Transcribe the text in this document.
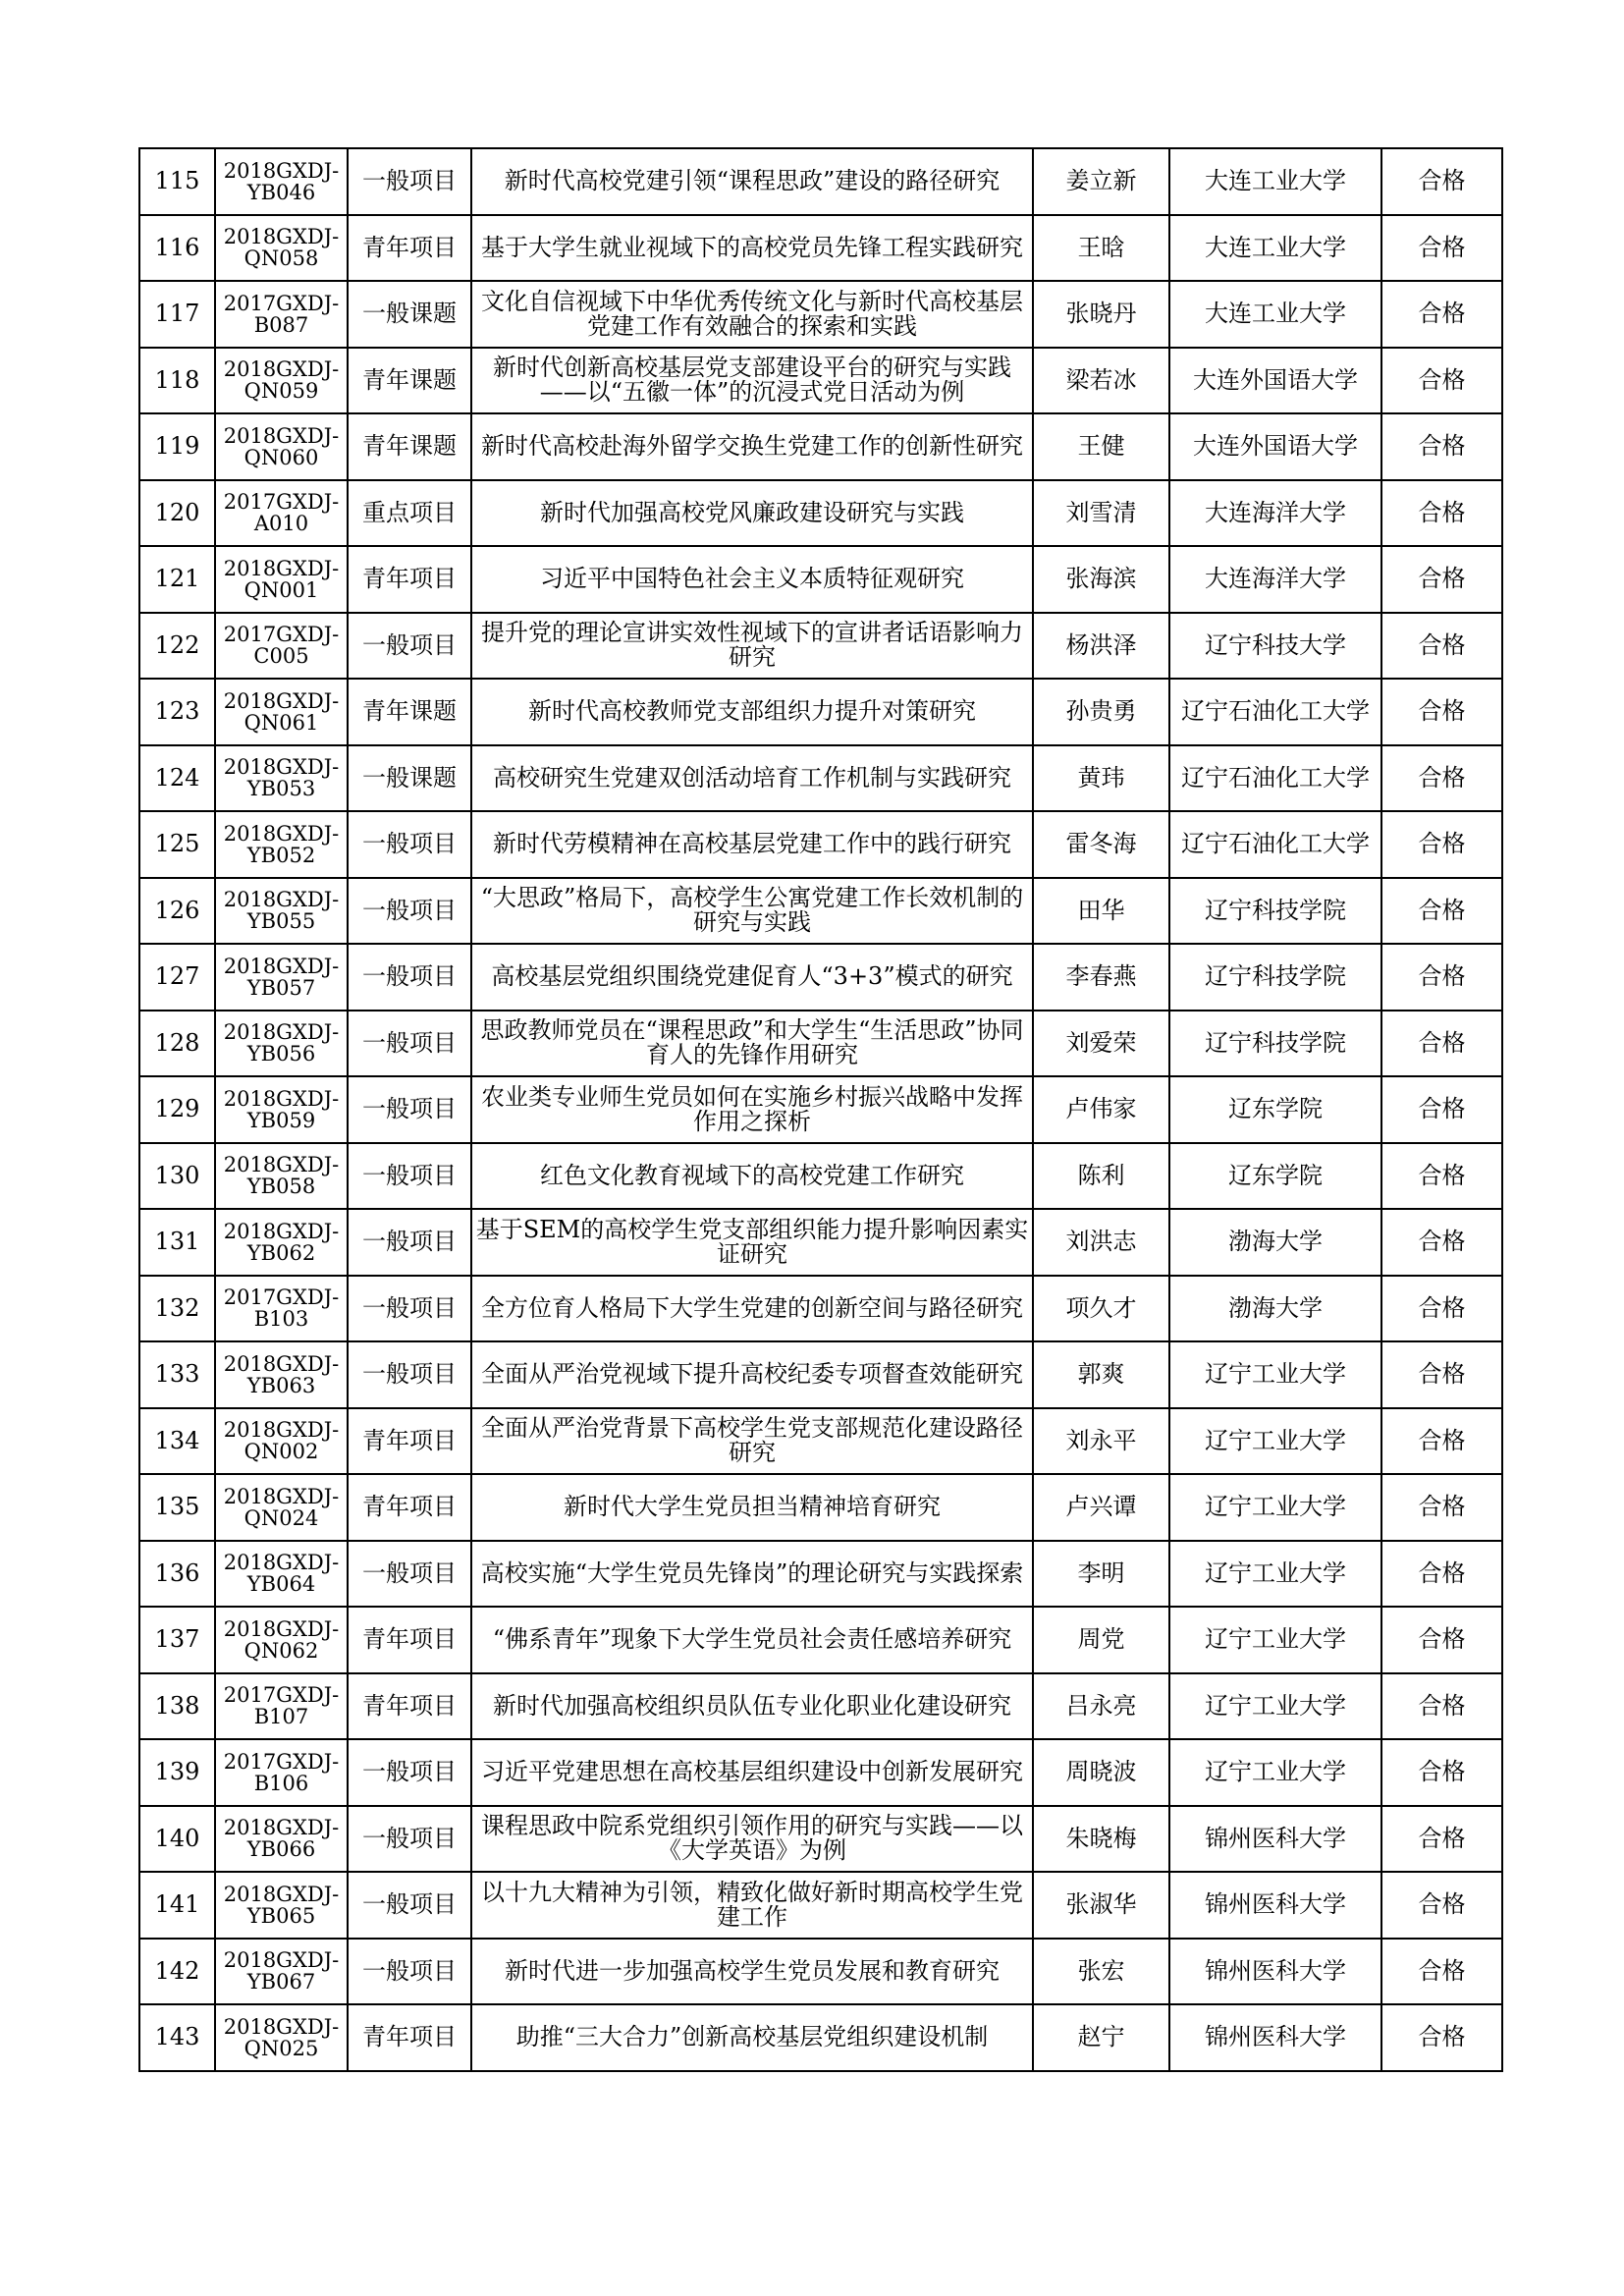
115	2018GXDJ-YB046	一般项目	新时代高校党建引领“课程思政”建设的路径研究	姜立新	大连工业大学	合格
116	2018GXDJ-QN058	青年项目	基于大学生就业视域下的高校党员先锋工程实践研究	王晗	大连工业大学	合格
117	2017GXDJ-B087	一般课题	文化自信视域下中华优秀传统文化与新时代高校基层党建工作有效融合的探索和实践	张晓丹	大连工业大学	合格
118	2018GXDJ-QN059	青年课题	新时代创新高校基层党支部建设平台的研究与实践——以“五徽一体”的沉浸式党日活动为例	梁若冰	大连外国语大学	合格
119	2018GXDJ-QN060	青年课题	新时代高校赴海外留学交换生党建工作的创新性研究	王健	大连外国语大学	合格
120	2017GXDJ-A010	重点项目	新时代加强高校党风廉政建设研究与实践	刘雪清	大连海洋大学	合格
121	2018GXDJ-QN001	青年项目	习近平中国特色社会主义本质特征观研究	张海滨	大连海洋大学	合格
122	2017GXDJ-C005	一般项目	提升党的理论宣讲实效性视域下的宣讲者话语影响力研究	杨洪泽	辽宁科技大学	合格
123	2018GXDJ-QN061	青年课题	新时代高校教师党支部组织力提升对策研究	孙贵勇	辽宁石油化工大学	合格
124	2018GXDJ-YB053	一般课题	高校研究生党建双创活动培育工作机制与实践研究	黄玮	辽宁石油化工大学	合格
125	2018GXDJ-YB052	一般项目	新时代劳模精神在高校基层党建工作中的践行研究	雷冬海	辽宁石油化工大学	合格
126	2018GXDJ-YB055	一般项目	“大思政”格局下，高校学生公寓党建工作长效机制的研究与实践	田华	辽宁科技学院	合格
127	2018GXDJ-YB057	一般项目	高校基层党组织围绕党建促育人“3+3”模式的研究	李春燕	辽宁科技学院	合格
128	2018GXDJ-YB056	一般项目	思政教师党员在“课程思政”和大学生“生活思政”协同育人的先锋作用研究	刘爱荣	辽宁科技学院	合格
129	2018GXDJ-YB059	一般项目	农业类专业师生党员如何在实施乡村振兴战略中发挥作用之探析	卢伟家	辽东学院	合格
130	2018GXDJ-YB058	一般项目	红色文化教育视域下的高校党建工作研究	陈利	辽东学院	合格
131	2018GXDJ-YB062	一般项目	基于SEM的高校学生党支部组织能力提升影响因素实证研究	刘洪志	渤海大学	合格
132	2017GXDJ-B103	一般项目	全方位育人格局下大学生党建的创新空间与路径研究	项久才	渤海大学	合格
133	2018GXDJ-YB063	一般项目	全面从严治党视域下提升高校纪委专项督查效能研究	郭爽	辽宁工业大学	合格
134	2018GXDJ-QN002	青年项目	全面从严治党背景下高校学生党支部规范化建设路径研究	刘永平	辽宁工业大学	合格
135	2018GXDJ-QN024	青年项目	新时代大学生党员担当精神培育研究	卢兴谭	辽宁工业大学	合格
136	2018GXDJ-YB064	一般项目	高校实施“大学生党员先锋岗”的理论研究与实践探索	李明	辽宁工业大学	合格
137	2018GXDJ-QN062	青年项目	“佛系青年”现象下大学生党员社会责任感培养研究	周党	辽宁工业大学	合格
138	2017GXDJ-B107	青年项目	新时代加强高校组织员队伍专业化职业化建设研究	吕永亮	辽宁工业大学	合格
139	2017GXDJ-B106	一般项目	习近平党建思想在高校基层组织建设中创新发展研究	周晓波	辽宁工业大学	合格
140	2018GXDJ-YB066	一般项目	课程思政中院系党组织引领作用的研究与实践——以《大学英语》为例	朱晓梅	锦州医科大学	合格
141	2018GXDJ-YB065	一般项目	以十九大精神为引领，精致化做好新时期高校学生党建工作	张淑华	锦州医科大学	合格
142	2018GXDJ-YB067	一般项目	新时代进一步加强高校学生党员发展和教育研究	张宏	锦州医科大学	合格
143	2018GXDJ-QN025	青年项目	助推“三大合力”创新高校基层党组织建设机制	赵宁	锦州医科大学	合格
